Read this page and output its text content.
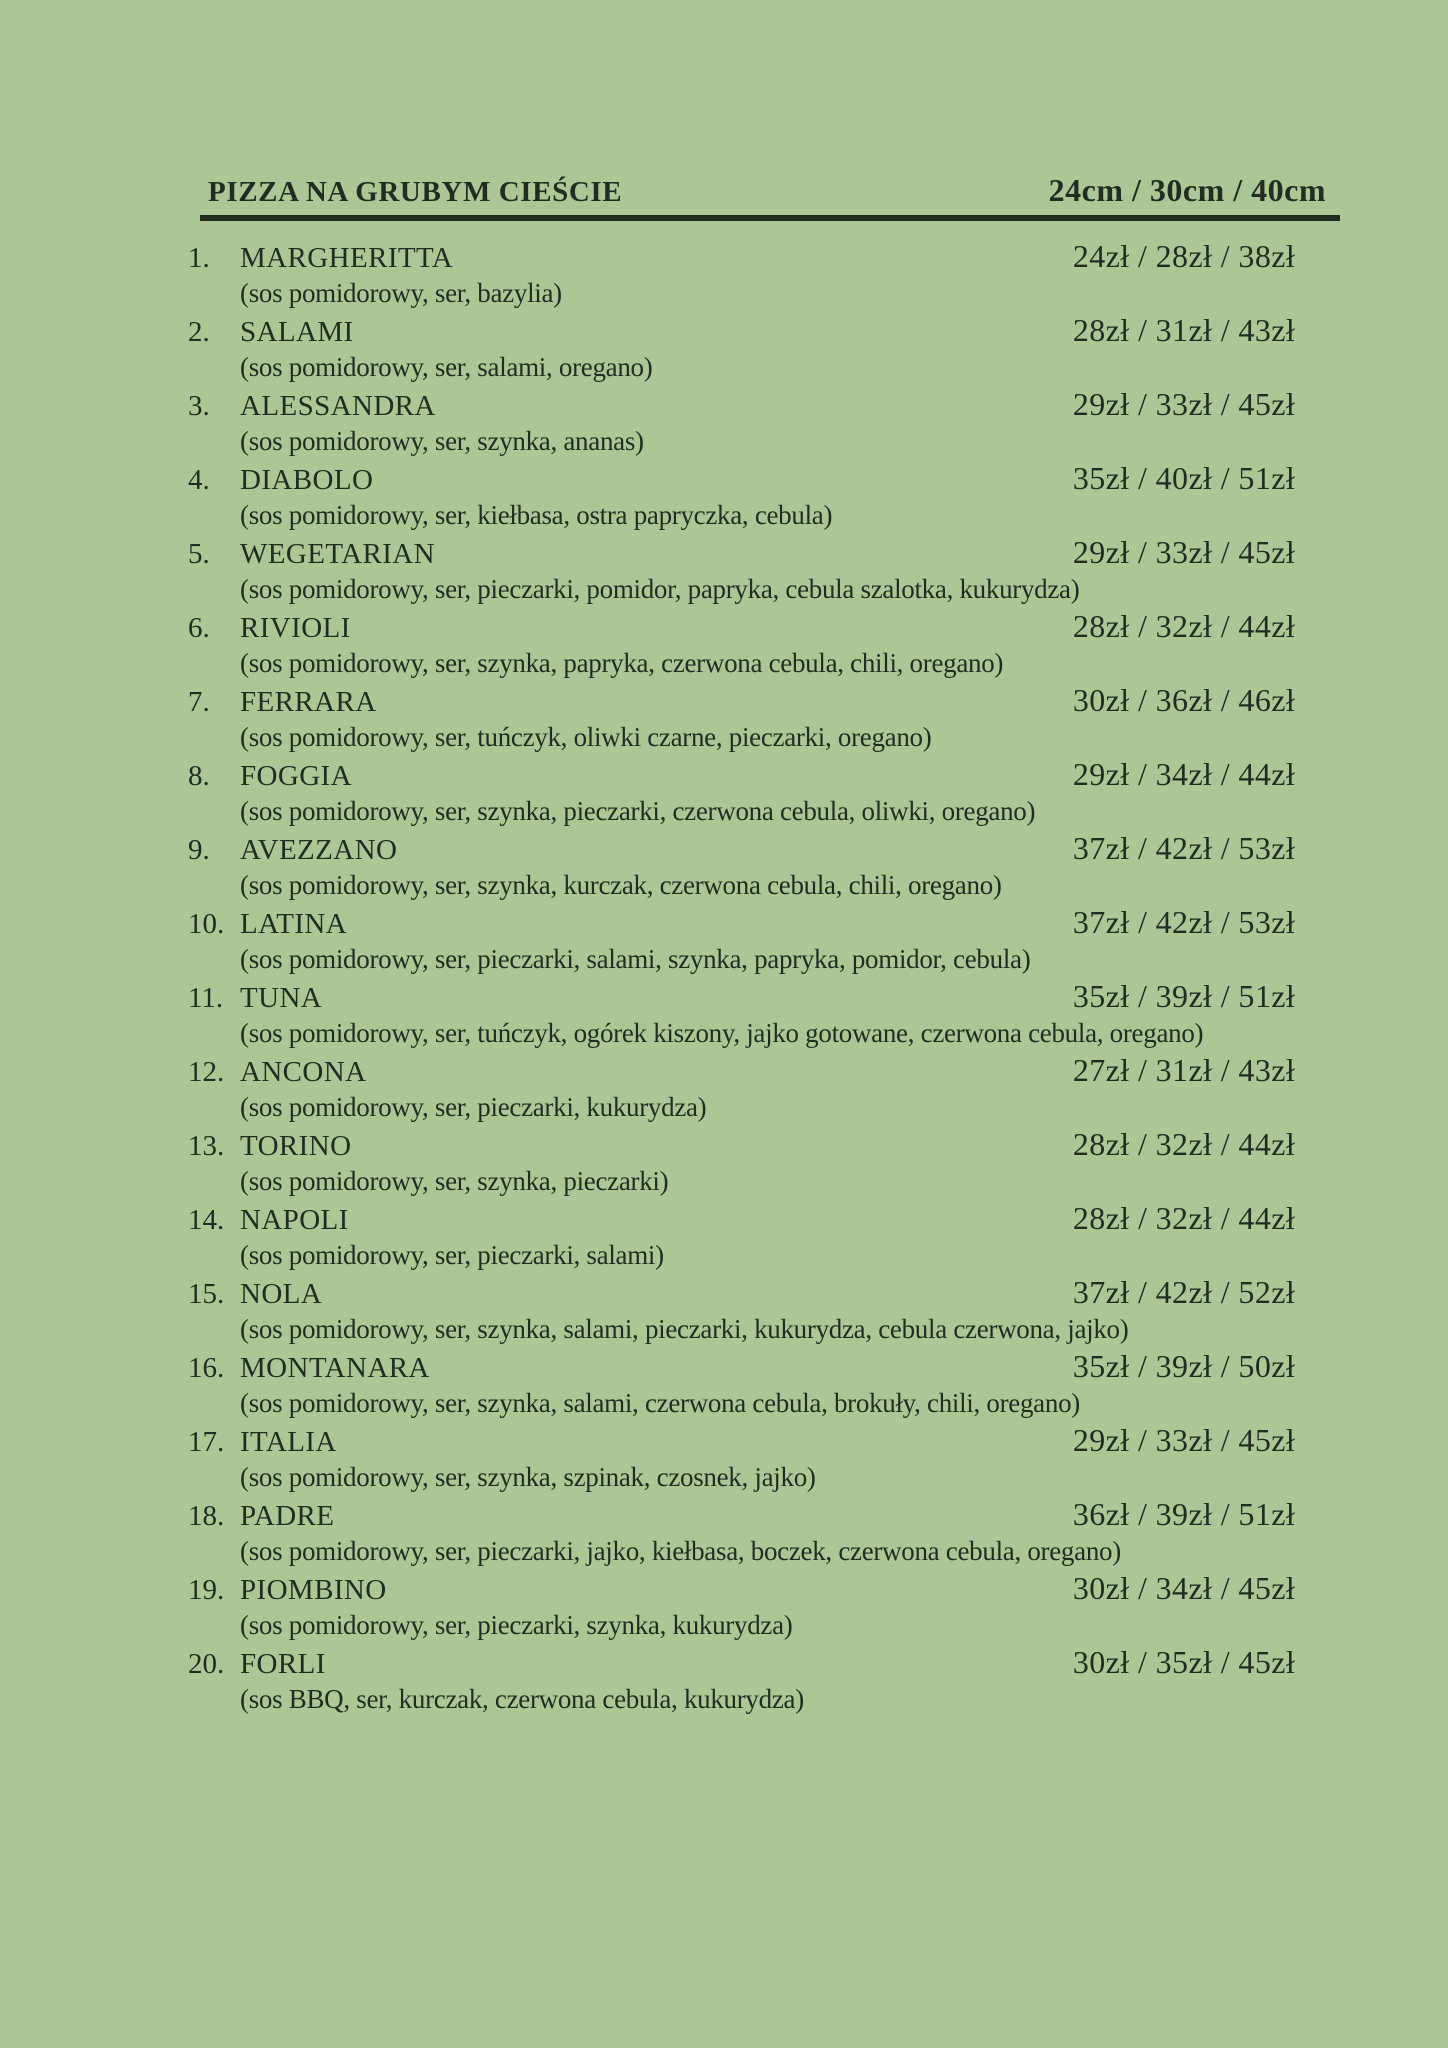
PIZZA NA GRUBYM CIEŚCIE	24cm / 30cm / 40cm
1.	MARGHERITTA	24zł / 28zł / 38zł
(sos pomidorowy, ser, bazylia)
2.	SALAMI	28zł / 31zł / 43zł
(sos pomidorowy, ser, salami, oregano)
3.	ALESSANDRA	29zł / 33zł / 45zł
(sos pomidorowy, ser, szynka, ananas)
4.	DIABOLO	35zł / 40zł / 51zł
(sos pomidorowy, ser, kiełbasa, ostra papryczka, cebula)
5.	WEGETARIAN	29zł / 33zł / 45zł
(sos pomidorowy, ser, pieczarki, pomidor, papryka, cebula szalotka, kukurydza)
6.	RIVIOLI	28zł / 32zł / 44zł
(sos pomidorowy, ser, szynka, papryka, czerwona cebula, chili, oregano)
7.	FERRARA	30zł / 36zł / 46zł
(sos pomidorowy, ser, tuńczyk, oliwki czarne, pieczarki, oregano)
8.	FOGGIA	29zł / 34zł / 44zł
(sos pomidorowy, ser, szynka, pieczarki, czerwona cebula, oliwki, oregano)
9.	AVEZZANO	37zł / 42zł / 53zł
(sos pomidorowy, ser, szynka, kurczak, czerwona cebula, chili, oregano)
10. LATINA	37zł / 42zł / 53zł
(sos pomidorowy, ser, pieczarki, salami, szynka, papryka, pomidor, cebula)
11. TUNA	35zł / 39zł / 51zł
(sos pomidorowy, ser, tuńczyk, ogórek kiszony, jajko gotowane, czerwona cebula, oregano)
12. ANCONA	27zł / 31zł / 43zł
(sos pomidorowy, ser, pieczarki, kukurydza)
13. TORINO	28zł / 32zł / 44zł
(sos pomidorowy, ser, szynka, pieczarki)
14. NAPOLI	28zł / 32zł / 44zł
(sos pomidorowy, ser, pieczarki, salami)
15. NOLA	37zł / 42zł / 52zł
(sos pomidorowy, ser, szynka, salami, pieczarki, kukurydza, cebula czerwona, jajko)
16. MONTANARA	35zł / 39zł / 50zł
(sos pomidorowy, ser, szynka, salami, czerwona cebula, brokuły, chili, oregano)
17. ITALIA	29zł / 33zł / 45zł
(sos pomidorowy, ser, szynka, szpinak, czosnek, jajko)
18. PADRE	36zł / 39zł / 51zł
(sos pomidorowy, ser, pieczarki, jajko, kiełbasa, boczek, czerwona cebula, oregano)
19. PIOMBINO	30zł / 34zł / 45zł
(sos pomidorowy, ser, pieczarki, szynka, kukurydza)
20. FORLI	30zł / 35zł / 45zł
(sos BBQ, ser, kurczak, czerwona cebula, kukurydza)
